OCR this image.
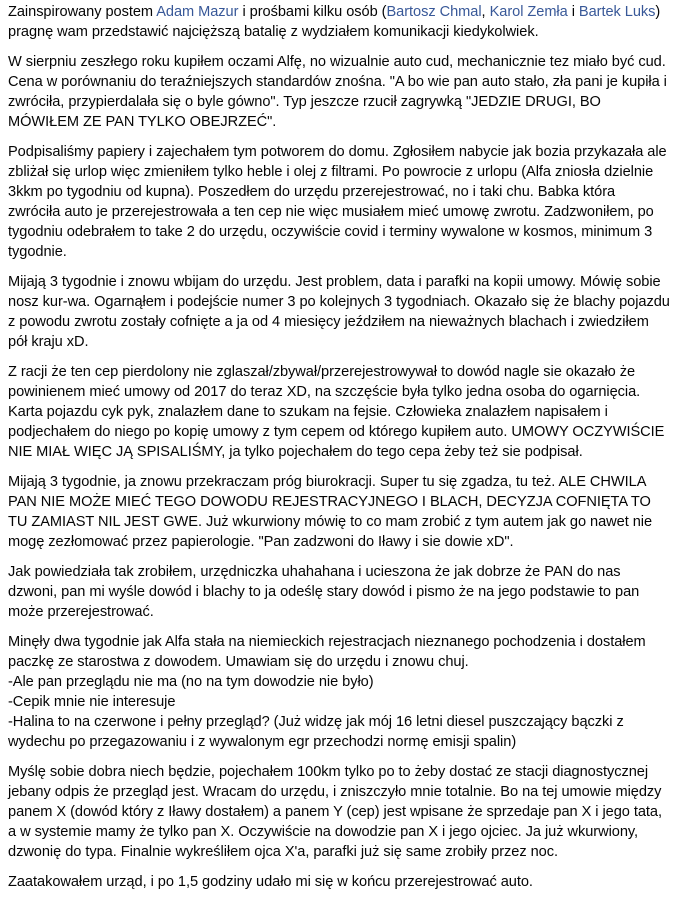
Zainspirowany postem Adam Mazur i prośbami kilku osób (Bartosz Chmal, Karol Zemła i Bartek Luks) pragnę wam przedstawić najcięższą batalię z wydziałem komunikacji kiedykolwiek.

W sierpniu zeszłego roku kupiłem oczami Alfę, no wizualnie auto cud, mechanicznie tez miało być cud. Cena w porównaniu do teraźniejszych standardów znośna. "A bo wie pan auto stało, zła pani je kupiła i zwróciła, przypierdalała się o byle gówno". Typ jeszcze rzucił zagrywką "JEDZIE DRUGI, BO MÓWIŁEM ZE PAN TYLKO OBEJRZEĆ".

Podpisaliśmy papiery i zajechałem tym potworem do domu. Zgłosiłem nabycie jak bozia przykazała ale zbliżał się urlop więc zmieniłem tylko heble i olej z filtrami. Po powrocie z urlopu (Alfa zniosła dzielnie 3kkm po tygodniu od kupna). Poszedłem do urzędu przerejestrować, no i taki chu. Babka która zwróciła auto je przerejestrowała a ten cep nie więc musiałem mieć umowę zwrotu. Zadzwoniłem, po tygodniu odebrałem to take 2 do urzędu, oczywiście covid i terminy wywalone w kosmos, minimum 3 tygodnie.

Mijają 3 tygodnie i znowu wbijam do urzędu. Jest problem, data i parafki na kopii umowy. Mówię sobie nosz kur-wa. Ogarnąłem i podejście numer 3 po kolejnych 3 tygodniach. Okazało się że blachy pojazdu z powodu zwrotu zostały cofnięte a ja od 4 miesięcy jeździłem na nieważnych blachach i zwiedziłem pół kraju xD.

Z racji że ten cep pierdolony nie zglaszał/zbywał/przerejestrowywał to dowód nagle sie okazało że powinienem mieć umowy od 2017 do teraz XD, na szczęście była tylko jedna osoba do ogarnięcia. Karta pojazdu cyk pyk, znalazłem dane to szukam na fejsie. Człowieka znalazłem napisałem i podjechałem do niego po kopię umowy z tym cepem od którego kupiłem auto. UMOWY OCZYWIŚCIE NIE MIAŁ WIĘC JĄ SPISALIŚMY, ja tylko pojechałem do tego cepa żeby też sie podpisał.

Mijają 3 tygodnie, ja znowu przekraczam próg biurokracji. Super tu się zgadza, tu też. ALE CHWILA PAN NIE MOŻE MIEĆ TEGO DOWODU REJESTRACYJNEGO I BLACH, DECYZJA COFNIĘTA TO TU ZAMIAST NIL JEST GWE. Już wkurwiony mówię to co mam zrobić z tym autem jak go nawet nie mogę zezłomować przez papierologie. "Pan zadzwoni do Iławy i sie dowie xD".

Jak powiedziała tak zrobiłem, urzędniczka uhahahana i ucieszona że jak dobrze że PAN do nas dzwoni, pan mi wyśle dowód i blachy to ja odeślę stary dowód i pismo że na jego podstawie to pan może przerejestrować.

Minęły dwa tygodnie jak Alfa stała na niemieckich rejestracjach nieznanego pochodzenia i dostałem paczkę ze starostwa z dowodem. Umawiam się do urzędu i znowu chuj.
-Ale pan przeglądu nie ma (no na tym dowodzie nie było)
-Cepik mnie nie interesuje
-Halina to na czerwone i pełny przegląd? (Już widzę jak mój 16 letni diesel puszczający bączki z wydechu po przegazowaniu i z wywalonym egr przechodzi normę emisji spalin)

Myślę sobie dobra niech będzie, pojechałem 100km tylko po to żeby dostać ze stacji diagnostycznej jebany odpis że przegląd jest. Wracam do urzędu, i zniszczyło mnie totalnie. Bo na tej umowie między panem X (dowód który z Iławy dostałem) a panem Y (cep) jest wpisane że sprzedaje pan X i jego tata, a w systemie mamy że tylko pan X. Oczywiście na dowodzie pan X i jego ojciec. Ja już wkurwiony, dzwonię do typa. Finalnie wykreśliłem ojca X'a, parafki już się same zrobiły przez noc.

Zaatakowałem urząd, i po 1,5 godziny udało mi się w końcu przerejestrować auto.
